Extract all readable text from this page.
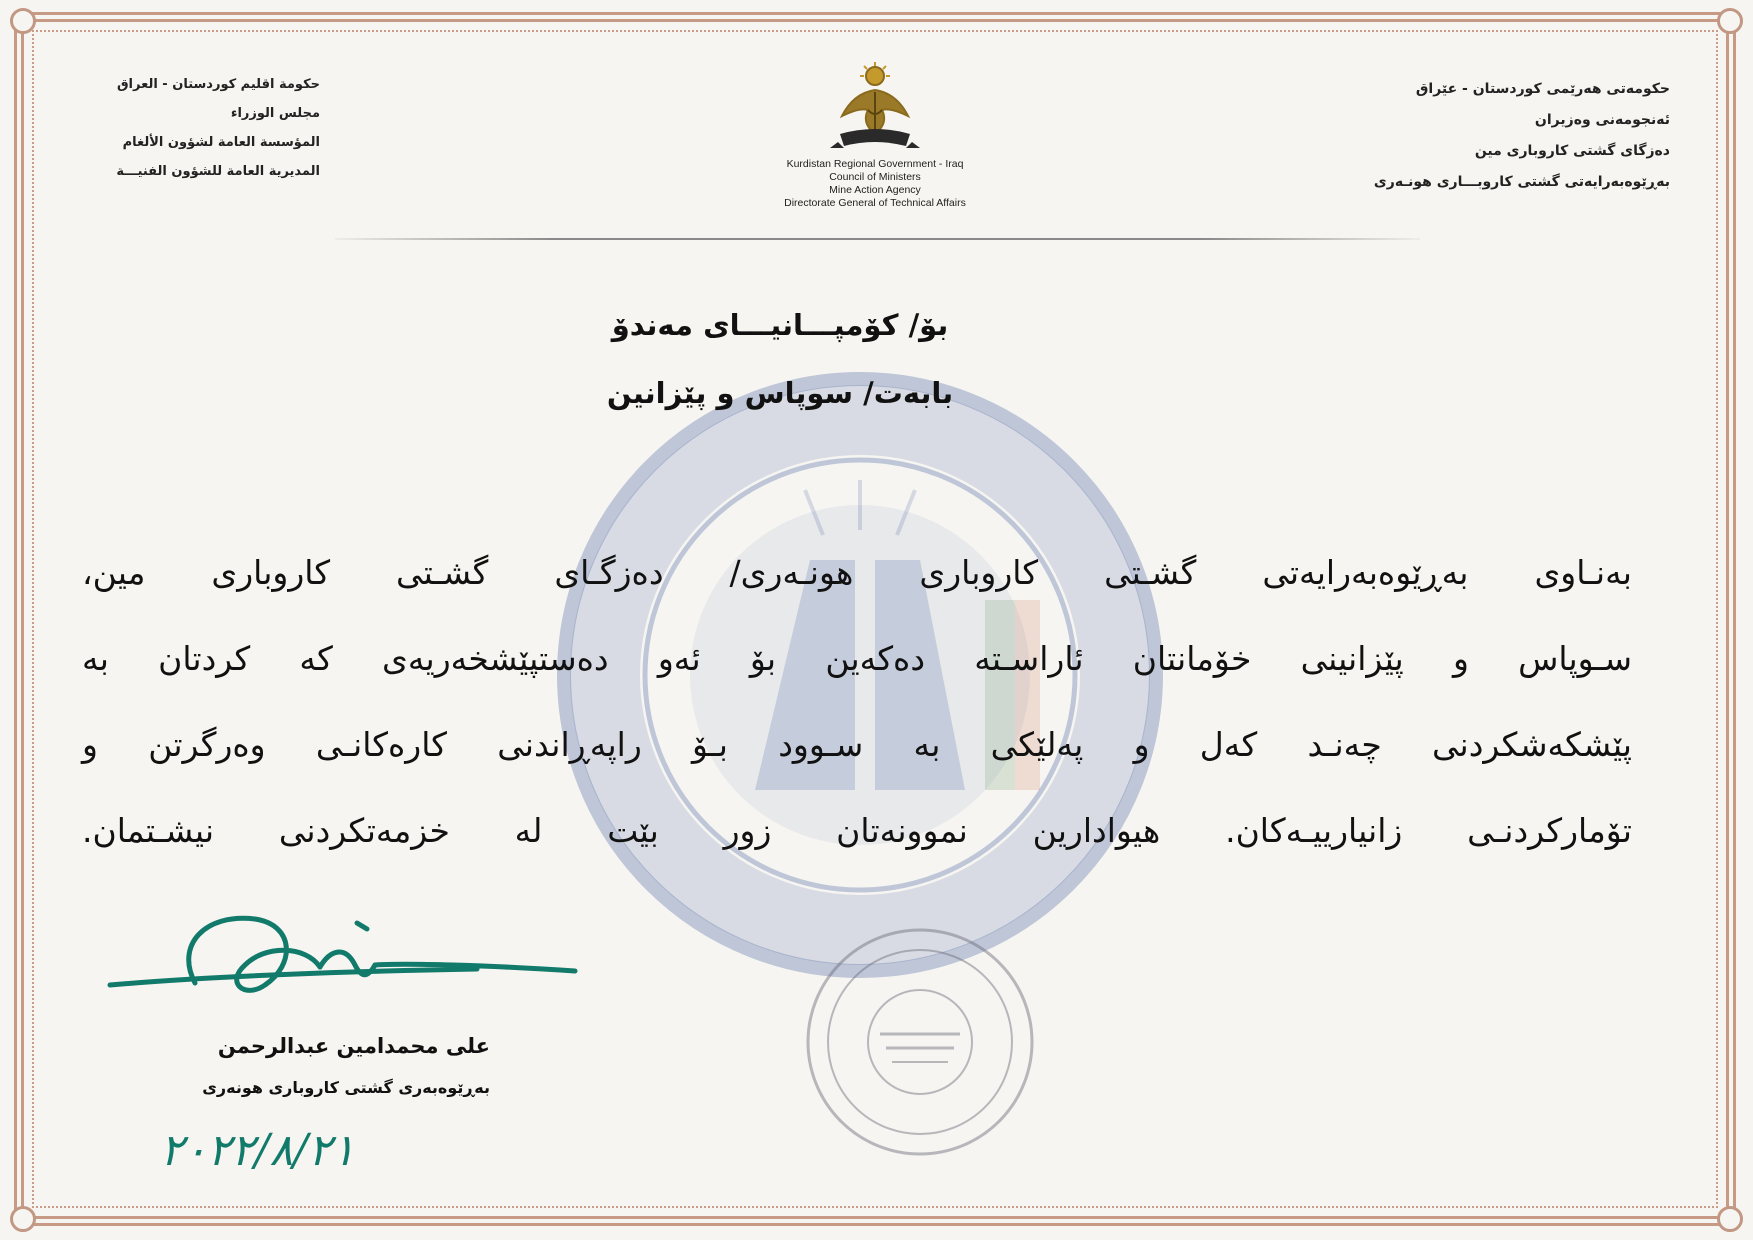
حكومة اقليم كوردستان - العراق
مجلس الوزراء
المؤسسة العامة لشؤون الألغام
المديرية العامة للشؤون الفنيـــة	Kurdistan Regional Government - Iraq
Council of Ministers
Mine Action Agency
Directorate General of Technical Affairs
حکومەتی هەرێمی کوردستان - عێراق
ئەنجومەنی وەزیران
دەزگای گشتی کاروباری مین
بەڕێوەبەرایەتی گشتی کاروبـــاری هونـەری
بۆ/ کۆمپـــانیـــای مەندۆ
بابەت/ سوپاس و پێزانین
بەنـاوی بەڕێوەبەرایەتی گشـتی کاروباری هونـەری/ دەزگـای گشـتی کاروباری مین،
سـوپاس و پێزانینی خۆمانتان ئاراسـتە دەکەین بۆ ئەو دەستپێشخەریەی کە کردتان بە
پێشکەشکردنی چەنـد کەل و پەلێکی بە سـوود بـۆ راپەڕاندنی کارەکانـی وەرگرتن و
تۆمارکردنـی زانیارییـەکان. هیوادارین نموونەتان زور بێت لە خزمەتکردنی نیشـتمان.
علی محمدامین عبدالرحمن
بەڕێوەبەری گشتی کاروباری هونەری
٢٠٢٢/٨/٢١
